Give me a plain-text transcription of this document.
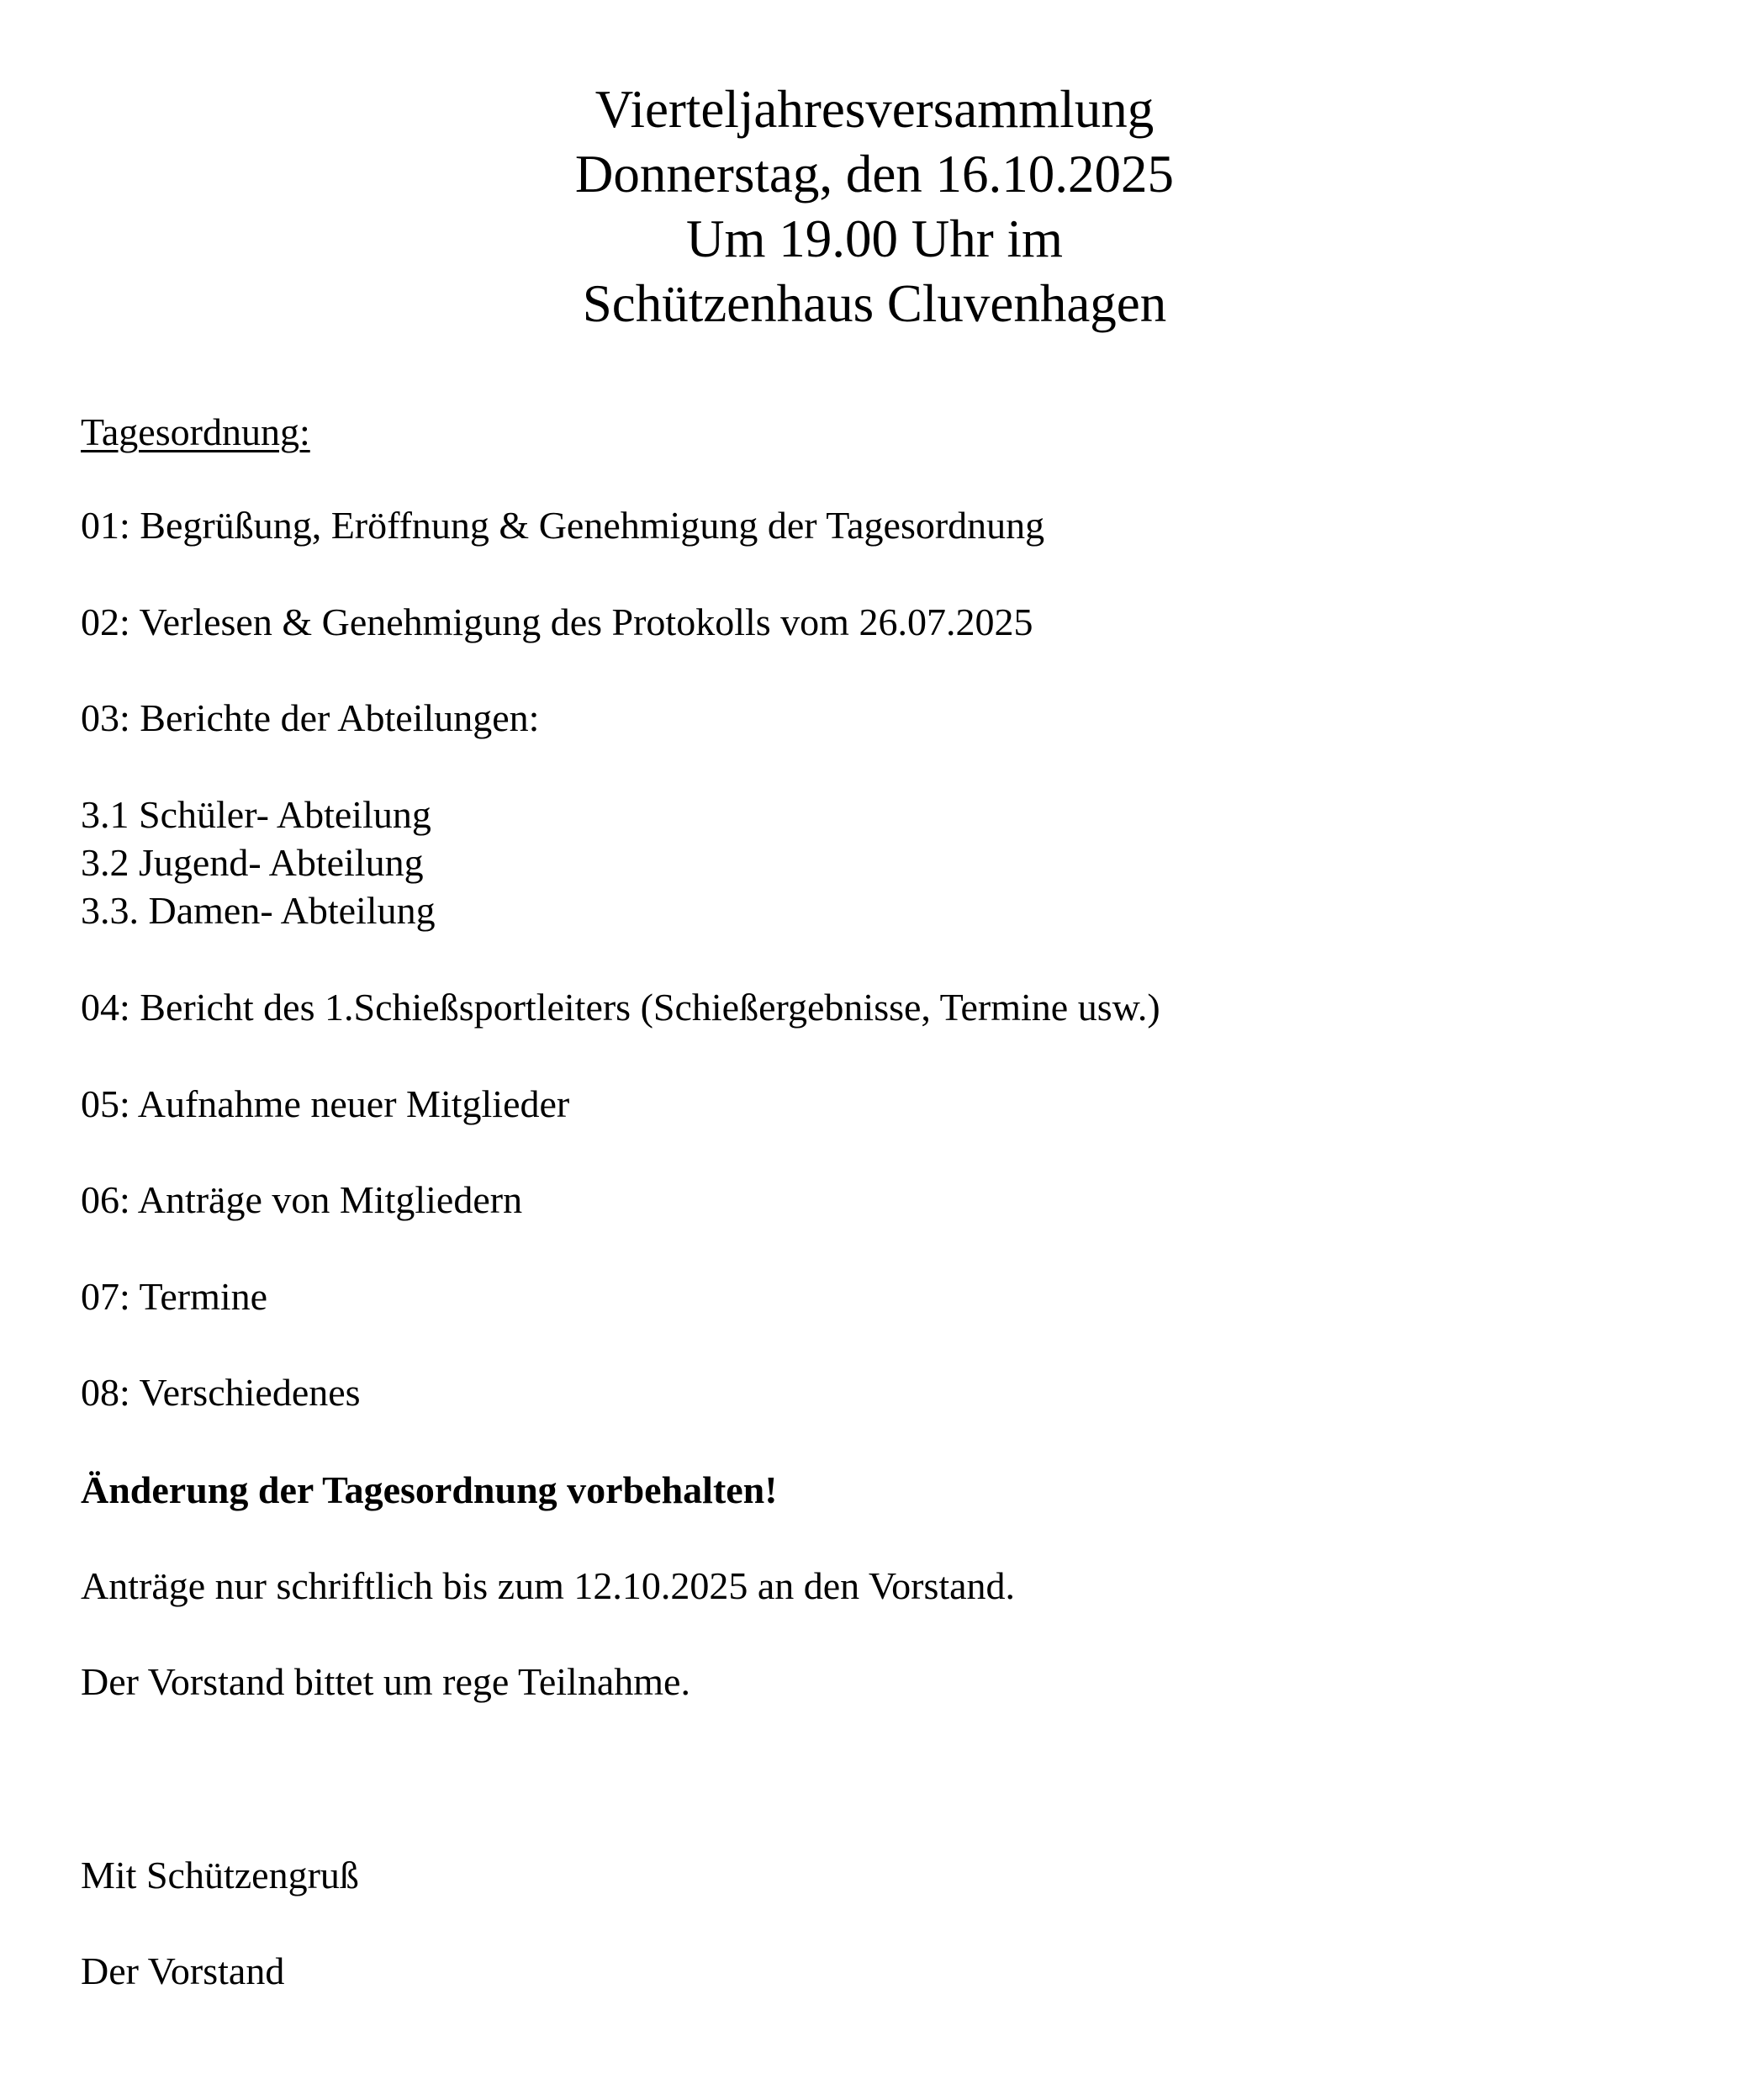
Vierteljahresversammlung
Donnerstag, den 16.10.2025
Um 19.00 Uhr im
Schützenhaus Cluvenhagen
Tagesordnung:
01: Begrüßung, Eröffnung & Genehmigung der Tagesordnung
02: Verlesen & Genehmigung des Protokolls vom 26.07.2025
03: Berichte der Abteilungen:
3.1 Schüler- Abteilung
3.2 Jugend- Abteilung
3.3. Damen- Abteilung
04: Bericht des 1.Schießsportleiters (Schießergebnisse, Termine usw.)
05: Aufnahme neuer Mitglieder
06: Anträge von Mitgliedern
07: Termine
08: Verschiedenes
Änderung der Tagesordnung vorbehalten!
Anträge nur schriftlich bis zum 12.10.2025 an den Vorstand.
Der Vorstand bittet um rege Teilnahme.
Mit Schützengruß
Der Vorstand
